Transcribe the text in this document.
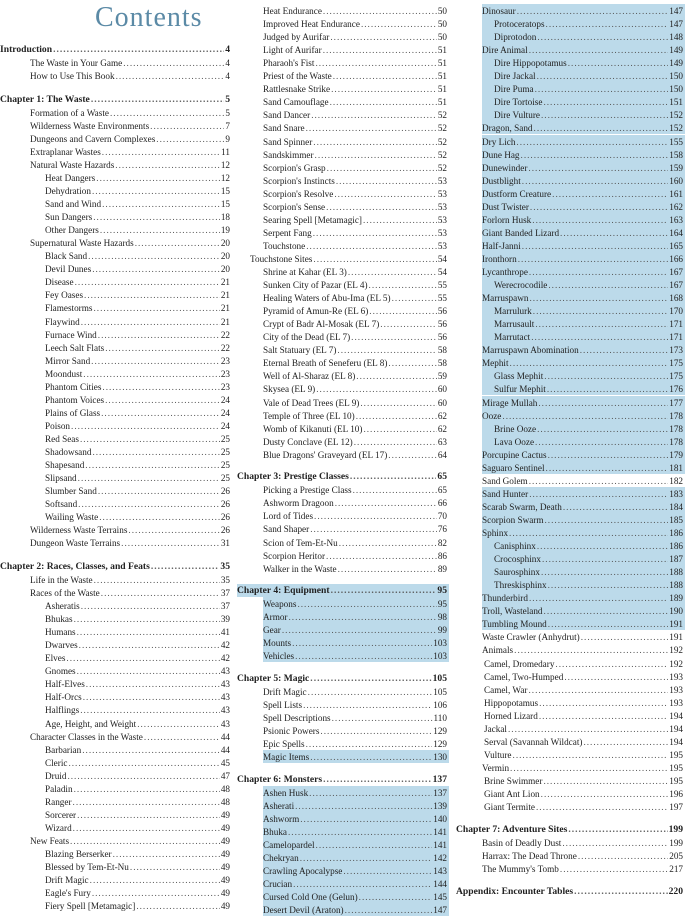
Contents
Introduction .....	4
The Waste in Your Game .....	4
How to Use This Book .....	4
Chapter 1: The Waste .....	5
Formation of a Waste .....	5
Wilderness Waste Environments .....	7
Dungeons and Cavern Complexes .....	9
Extraplanar Wastes .....	11
Natural Waste Hazards .....	12
Heat Dangers .....	12
Dehydration .....	15
Sand and Wind .....	15
Sun Dangers .....	18
Other Dangers .....	19
Supernatural Waste Hazards .....	20
Black Sand .....	20
Devil Dunes .....	20
Disease .....	21
Fey Oases .....	21
Flamestorms .....	21
Flaywind .....	21
Furnace Wind .....	22
Leech Salt Flats .....	22
Mirror Sand .....	23
Moondust .....	23
Phantom Cities .....	23
Phantom Voices .....	24
Plains of Glass .....	24
Poison .....	24
Red Seas .....	25
Shadowsand .....	25
Shapesand .....	25
Slipsand .....	25
Slumber Sand .....	26
Softsand .....	26
Wailing Waste .....	26
Wilderness Waste Terrains .....	26
Dungeon Waste Terrains .....	31
Chapter 2: Races, Classes, and Feats .....	35
Life in the Waste .....	35
Races of the Waste .....	37
Asheratis .....	37
Bhukas .....	39
Humans .....	41
Dwarves .....	42
Elves .....	42
Gnomes .....	43
Half-Elves .....	43
Half-Orcs .....	43
Halflings .....	43
Age, Height, and Weight .....	43
Character Classes in the Waste .....	44
Barbarian .....	44
Cleric .....	45
Druid .....	47
Paladin .....	48
Ranger .....	48
Sorcerer .....	49
Wizard .....	49
New Feats .....	49
Blazing Berserker .....	49
Blessed by Tem-Et-Nu .....	49
Drift Magic .....	49
Eagle's Fury .....	49
Fiery Spell [Metamagic] .....	49
Heat Endurance .....	50
Improved Heat Endurance .....	50
Judged by Aurifar .....	50
Light of Aurifar .....	51
Pharaoh's Fist .....	51
Priest of the Waste .....	51
Rattlesnake Strike .....	51
Sand Camouflage .....	51
Sand Dancer .....	52
Sand Snare .....	52
Sand Spinner .....	52
Sandskimmer .....	52
Scorpion's Grasp .....	52
Scorpion's Instincts .....	53
Scorpion's Resolve .....	53
Scorpion's Sense .....	53
Searing Spell [Metamagic] .....	53
Serpent Fang .....	53
Touchstone .....	53
Touchstone Sites .....	54
Shrine at Kahar (EL 3) .....	54
Sunken City of Pazar (EL 4) .....	55
Healing Waters of Abu-Ima (EL 5) .....	55
Pyramid of Amun-Re (EL 6) .....	56
Crypt of Badr Al-Mosak (EL 7) .....	56
City of the Dead (EL 7) .....	56
Salt Statuary (EL 7) .....	58
Eternal Breath of Seneferu (EL 8) .....	58
Well of Al-Sharaz (EL 8) .....	59
Skysea (EL 9) .....	60
Vale of Dead Trees (EL 9) .....	60
Temple of Three (EL 10) .....	62
Womb of Kikanuti (EL 10) .....	62
Dusty Conclave (EL 12) .....	63
Blue Dragons' Graveyard (EL 17) .....	64
Chapter 3: Prestige Classes .....	65
Picking a Prestige Class .....	65
Ashworm Dragoon .....	66
Lord of Tides .....	70
Sand Shaper .....	76
Scion of Tem-Et-Nu .....	82
Scorpion Heritor .....	86
Walker in the Waste .....	89
Chapter 4: Equipment .....	95
Weapons .....	95
Armor .....	98
Gear .....	99
Mounts .....	103
Vehicles .....	103
Chapter 5: Magic .....	105
Drift Magic .....	105
Spell Lists .....	106
Spell Descriptions .....	110
Psionic Powers .....	129
Epic Spells .....	129
Magic Items .....	130
Chapter 6: Monsters .....	137
Ashen Husk .....	137
Asherati .....	139
Ashworm .....	140
Bhuka .....	141
Camelopardel .....	141
Chekryan .....	142
Crawling Apocalypse .....	143
Crucian .....	144
Cursed Cold One (Gelun) .....	145
Desert Devil (Araton) .....	147
Dinosaur .....	147
Protoceratops .....	147
Diprotodon .....	148
Dire Animal .....	149
Dire Hippopotamus .....	149
Dire Jackal .....	150
Dire Puma .....	150
Dire Tortoise .....	151
Dire Vulture .....	152
Dragon, Sand .....	152
Dry Lich .....	155
Dune Hag .....	158
Dunewinder .....	159
Dustblight .....	160
Dustform Creature .....	161
Dust Twister .....	162
Forlorn Husk .....	163
Giant Banded Lizard .....	164
Half-Janni .....	165
Ironthorn .....	166
Lycanthrope .....	167
Werecrocodile .....	167
Marruspawn .....	168
Marrulurk .....	170
Marrusault .....	171
Marrutact .....	171
Marruspawn Abomination .....	173
Mephit .....	175
Glass Mephit .....	175
Sulfur Mephit .....	176
Mirage Mullah .....	177
Ooze .....	178
Brine Ooze .....	178
Lava Ooze .....	178
Porcupine Cactus .....	179
Saguaro Sentinel .....	181
Sand Golem .....	182
Sand Hunter .....	183
Scarab Swarm, Death .....	184
Scorpion Swarm .....	185
Sphinx .....	186
Canisphinx .....	186
Crocosphinx .....	187
Saurosphinx .....	188
Threskisphinx .....	188
Thunderbird .....	189
Troll, Wasteland .....	190
Tumbling Mound .....	191
Waste Crawler (Anhydrut) .....	191
Animals .....	192
Camel, Dromedary .....	192
Camel, Two-Humped .....	193
Camel, War .....	193
Hippopotamus .....	193
Horned Lizard .....	194
Jackal .....	194
Serval (Savannah Wildcat) .....	194
Vulture .....	195
Vermin .....	195
Brine Swimmer .....	195
Giant Ant Lion .....	196
Giant Termite .....	197
Chapter 7: Adventure Sites .....	199
Basin of Deadly Dust .....	199
Harrax: The Dead Throne .....	205
The Mummy's Tomb .....	217
Appendix: Encounter Tables .....	220
